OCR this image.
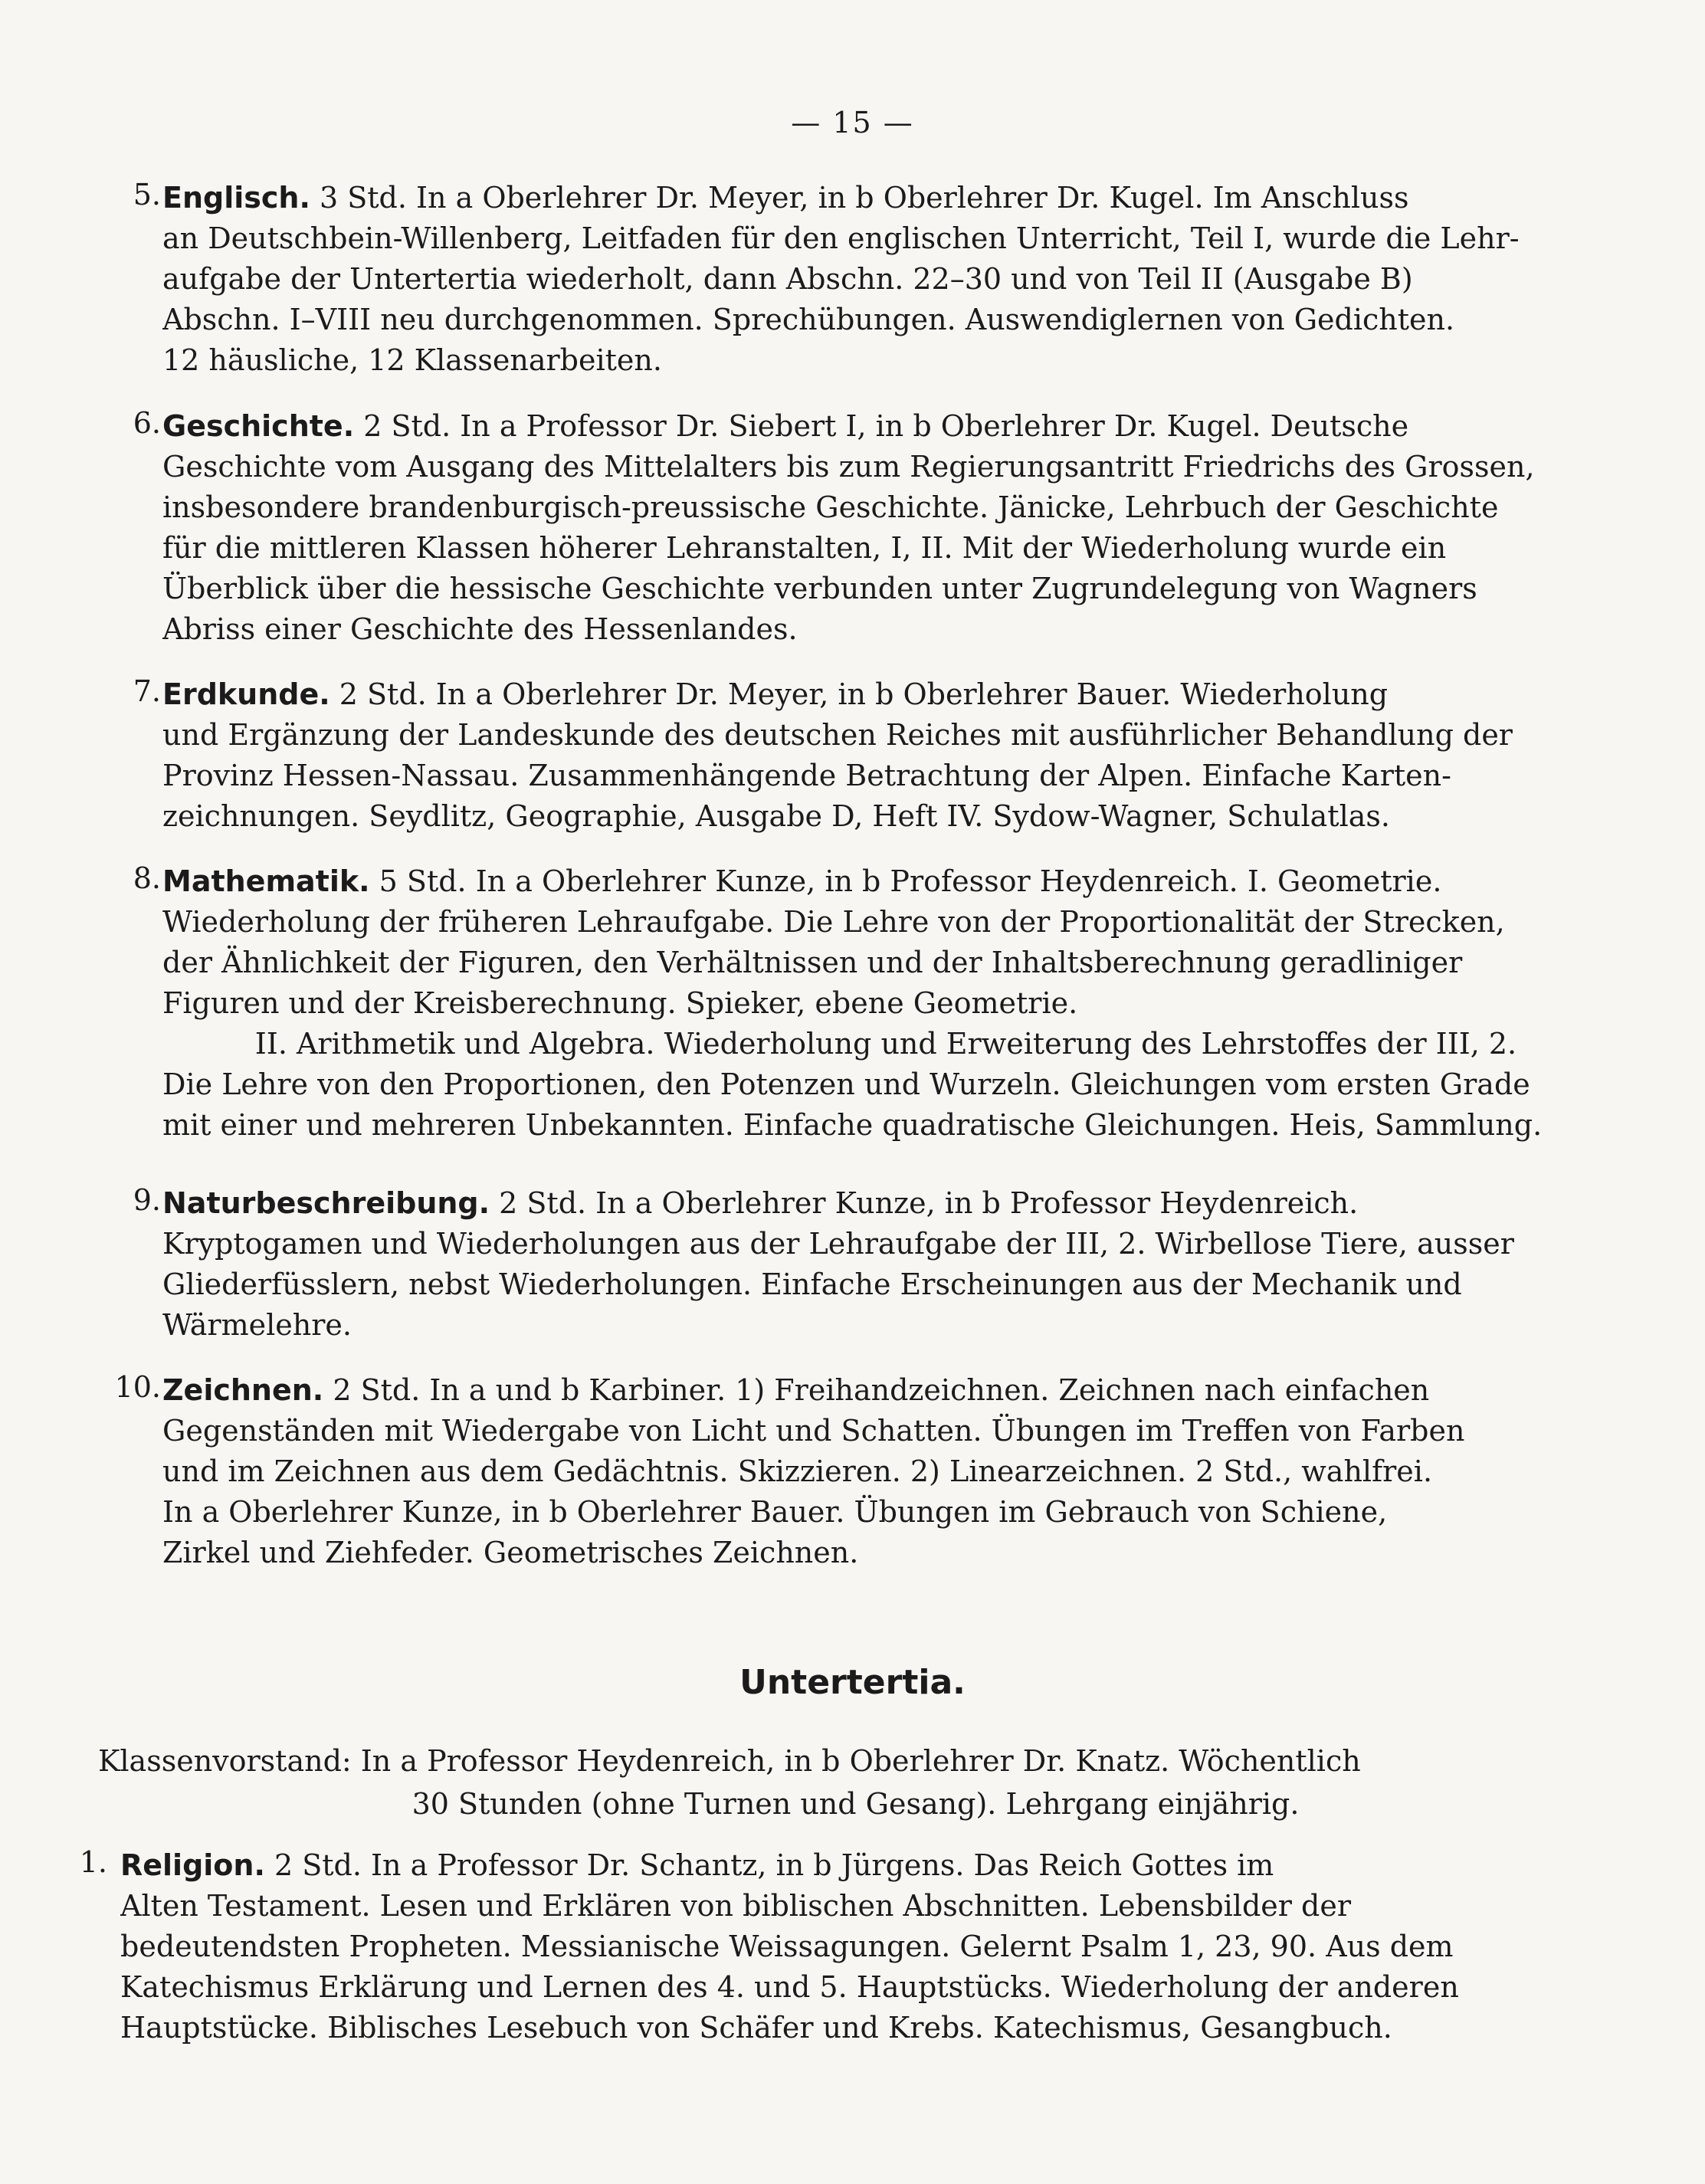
— 15 —
5. Englisch. 3 Std. In a Oberlehrer Dr. Meyer, in b Oberlehrer Dr. Kugel. Im Anschluss
an Deutschbein-Willenberg, Leitfaden für den englischen Unterricht, Teil I, wurde die Lehr-
aufgabe der Untertertia wiederholt, dann Abschn. 22–30 und von Teil II (Ausgabe B)
Abschn. I–VIII neu durchgenommen. Sprechübungen. Auswendiglernen von Gedichten.
12 häusliche, 12 Klassenarbeiten.
6. Geschichte. 2 Std. In a Professor Dr. Siebert I, in b Oberlehrer Dr. Kugel. Deutsche
Geschichte vom Ausgang des Mittelalters bis zum Regierungsantritt Friedrichs des Grossen,
insbesondere brandenburgisch-preussische Geschichte. Jänicke, Lehrbuch der Geschichte
für die mittleren Klassen höherer Lehranstalten, I, II. Mit der Wiederholung wurde ein
Überblick über die hessische Geschichte verbunden unter Zugrundelegung von Wagners
Abriss einer Geschichte des Hessenlandes.
7. Erdkunde. 2 Std. In a Oberlehrer Dr. Meyer, in b Oberlehrer Bauer. Wiederholung
und Ergänzung der Landeskunde des deutschen Reiches mit ausführlicher Behandlung der
Provinz Hessen-Nassau. Zusammenhängende Betrachtung der Alpen. Einfache Karten-
zeichnungen. Seydlitz, Geographie, Ausgabe D, Heft IV. Sydow-Wagner, Schulatlas.
8. Mathematik. 5 Std. In a Oberlehrer Kunze, in b Professor Heydenreich. I. Geometrie.
Wiederholung der früheren Lehraufgabe. Die Lehre von der Proportionalität der Strecken,
der Ähnlichkeit der Figuren, den Verhältnissen und der Inhaltsberechnung geradliniger
Figuren und der Kreisberechnung. Spieker, ebene Geometrie.
II. Arithmetik und Algebra. Wiederholung und Erweiterung des Lehrstoffes der III, 2.
Die Lehre von den Proportionen, den Potenzen und Wurzeln. Gleichungen vom ersten Grade
mit einer und mehreren Unbekannten. Einfache quadratische Gleichungen. Heis, Sammlung.
9. Naturbeschreibung. 2 Std. In a Oberlehrer Kunze, in b Professor Heydenreich.
Kryptogamen und Wiederholungen aus der Lehraufgabe der III, 2. Wirbellose Tiere, ausser
Gliederfüsslern, nebst Wiederholungen. Einfache Erscheinungen aus der Mechanik und
Wärmelehre.
10. Zeichnen. 2 Std. In a und b Karbiner. 1) Freihandzeichnen. Zeichnen nach einfachen
Gegenständen mit Wiedergabe von Licht und Schatten. Übungen im Treffen von Farben
und im Zeichnen aus dem Gedächtnis. Skizzieren. 2) Linearzeichnen. 2 Std., wahlfrei.
In a Oberlehrer Kunze, in b Oberlehrer Bauer. Übungen im Gebrauch von Schiene,
Zirkel und Ziehfeder. Geometrisches Zeichnen.
Untertertia.
Klassenvorstand: In a Professor Heydenreich, in b Oberlehrer Dr. Knatz. Wöchentlich
30 Stunden (ohne Turnen und Gesang). Lehrgang einjährig.
1. Religion. 2 Std. In a Professor Dr. Schantz, in b Jürgens. Das Reich Gottes im
Alten Testament. Lesen und Erklären von biblischen Abschnitten. Lebensbilder der
bedeutendsten Propheten. Messianische Weissagungen. Gelernt Psalm 1, 23, 90. Aus dem
Katechismus Erklärung und Lernen des 4. und 5. Hauptstücks. Wiederholung der anderen
Hauptstücke. Biblisches Lesebuch von Schäfer und Krebs. Katechismus, Gesangbuch.
